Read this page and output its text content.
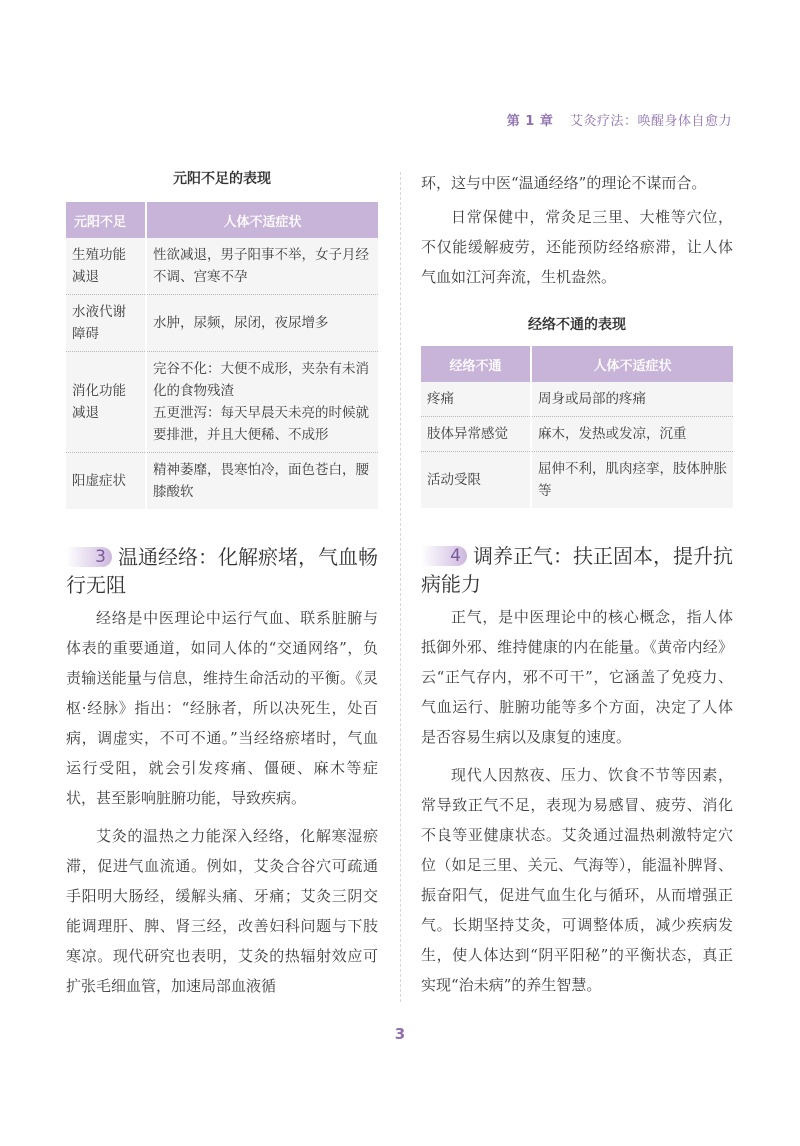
第 1 章 艾灸疗法：唤醒身体自愈力
元阳不足的表现
元阳不足	人体不适症状
生殖功能减退	性欲减退，男子阳事不举，女子月经不调、宫寒不孕
水液代谢障碍	水肿，尿频，尿闭，夜尿增多
消化功能减退	完谷不化：大便不成形，夹杂有未消化的食物残渣
五更泄泻：每天早晨天未亮的时候就要排泄，并且大便稀、不成形
阳虚症状	精神萎靡，畏寒怕冷，面色苍白，腰膝酸软
3 温通经络：化解瘀堵，气血畅行无阻

经络是中医理论中运行气血、联系脏腑与体表的重要通道，如同人体的“交通网络”，负责输送能量与信息，维持生命活动的平衡。《灵枢·经脉》指出：“经脉者，所以决死生，处百病，调虚实，不可不通。”当经络瘀堵时，气血运行受阻，就会引发疼痛、僵硬、麻木等症状，甚至影响脏腑功能，导致疾病。

艾灸的温热之力能深入经络，化解寒湿瘀滞，促进气血流通。例如，艾灸合谷穴可疏通手阳明大肠经，缓解头痛、牙痛；艾灸三阴交能调理肝、脾、肾三经，改善妇科问题与下肢寒凉。现代研究也表明，艾灸的热辐射效应可扩张毛细血管，加速局部血液循

环，这与中医“温通经络”的理论不谋而合。

日常保健中，常灸足三里、大椎等穴位，不仅能缓解疲劳，还能预防经络瘀滞，让人体气血如江河奔流，生机盎然。

经络不通的表现
经络不通	人体不适症状
疼痛	周身或局部的疼痛
肢体异常感觉	麻木，发热或发凉，沉重
活动受限	屈伸不利，肌肉痉挛，肢体肿胀等
4 调养正气：扶正固本，提升抗病能力

正气，是中医理论中的核心概念，指人体抵御外邪、维持健康的内在能量。《黄帝内经》云“正气存内，邪不可干”，它涵盖了免疫力、气血运行、脏腑功能等多个方面，决定了人体是否容易生病以及康复的速度。

现代人因熬夜、压力、饮食不节等因素，常导致正气不足，表现为易感冒、疲劳、消化不良等亚健康状态。艾灸通过温热刺激特定穴位（如足三里、关元、气海等），能温补脾肾、振奋阳气，促进气血生化与循环，从而增强正气。长期坚持艾灸，可调整体质，减少疾病发生，使人体达到“阴平阳秘”的平衡状态，真正实现“治未病”的养生智慧。

3
